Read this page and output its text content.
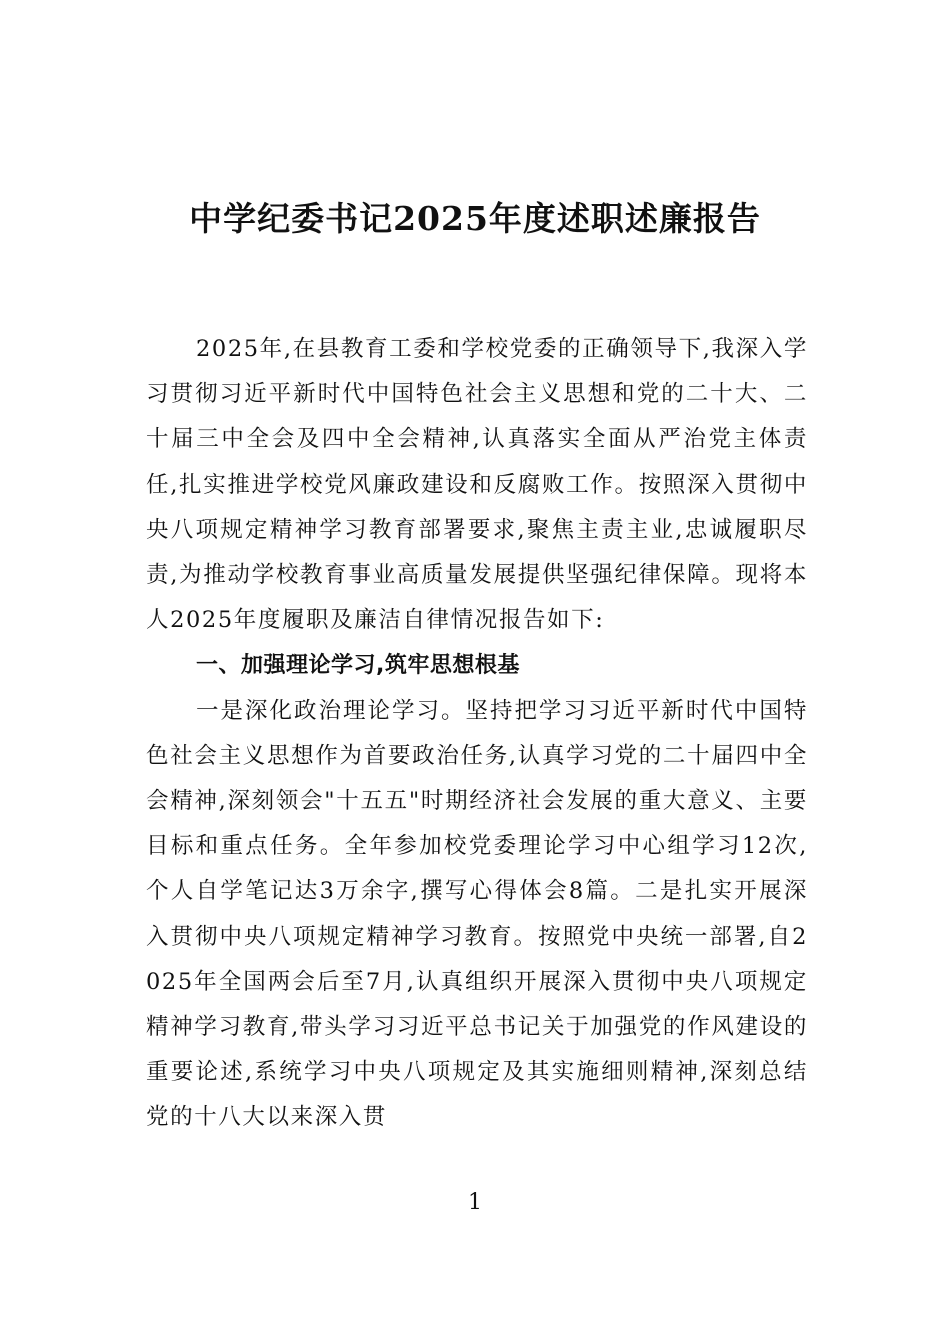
中学纪委书记2025年度述职述廉报告

2025年,在县教育工委和学校党委的正确领导下,我深入学习贯彻习近平新时代中国特色社会主义思想和党的二十大、二十届三中全会及四中全会精神,认真落实全面从严治党主体责任,扎实推进学校党风廉政建设和反腐败工作。按照深入贯彻中央八项规定精神学习教育部署要求,聚焦主责主业,忠诚履职尽责,为推动学校教育事业高质量发展提供坚强纪律保障。现将本人2025年度履职及廉洁自律情况报告如下:

一、加强理论学习,筑牢思想根基

一是深化政治理论学习。坚持把学习习近平新时代中国特色社会主义思想作为首要政治任务,认真学习党的二十届四中全会精神,深刻领会"十五五"时期经济社会发展的重大意义、主要目标和重点任务。全年参加校党委理论学习中心组学习12次,个人自学笔记达3万余字,撰写心得体会8篇。二是扎实开展深入贯彻中央八项规定精神学习教育。按照党中央统一部署,自2025年全国两会后至7月,认真组织开展深入贯彻中央八项规定精神学习教育,带头学习习近平总书记关于加强党的作风建设的重要论述,系统学习中央八项规定及其实施细则精神,深刻总结党的十八大以来深入贯

1
